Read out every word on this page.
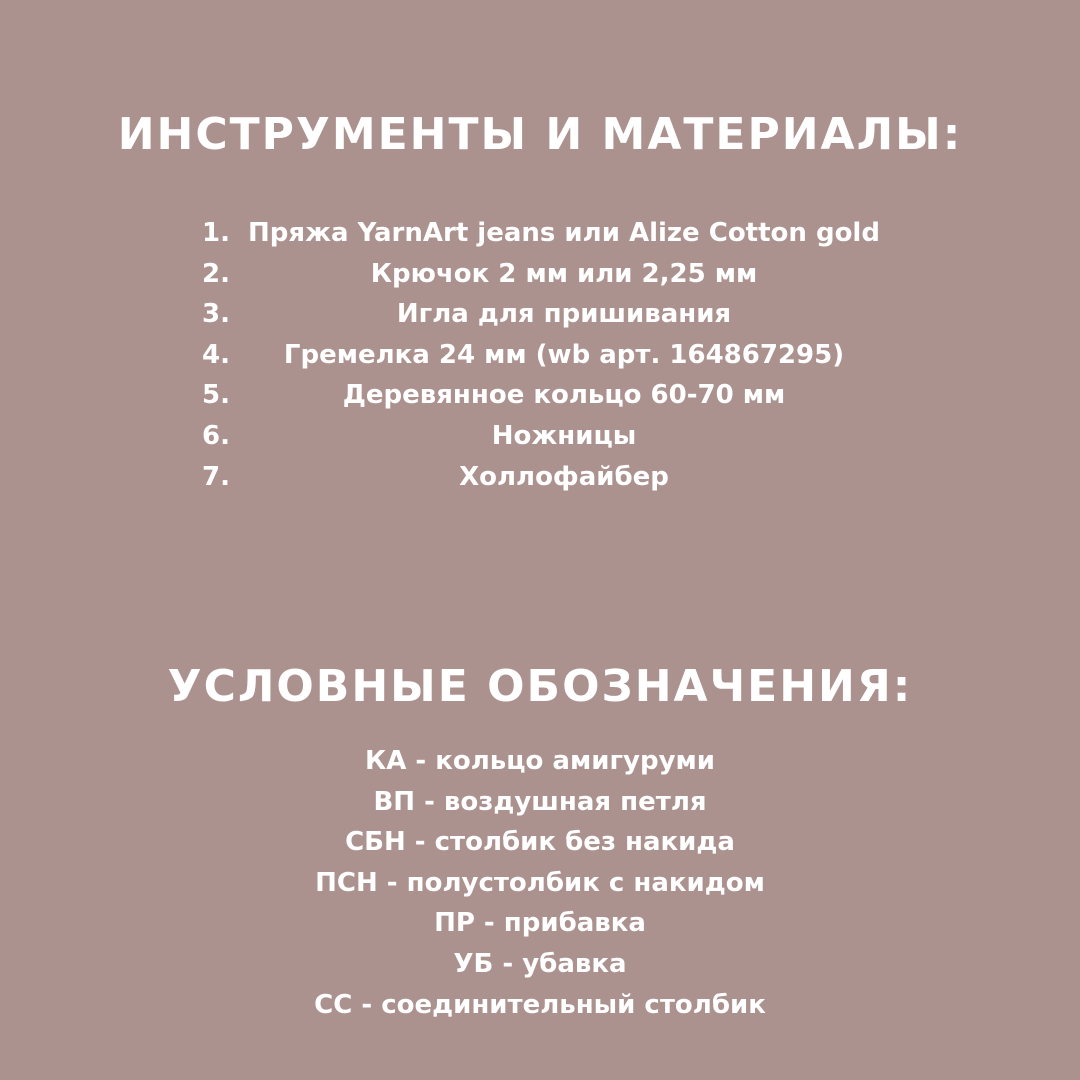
ИНСТРУМЕНТЫ И МАТЕРИАЛЫ:
1. Пряжа YarnArt jeans или Alize Cotton gold
2.	Крючок 2 мм или 2,25 мм
3.	Игла для пришивания
4.	Гремелка 24 мм (wb арт. 164867295)
5.	Деревянное кольцо 60-70 мм
6.	Ножницы
7.	Холлофайбер
УСЛОВНЫЕ ОБОЗНАЧЕНИЯ:
КА - кольцо амигуруми
ВП - воздушная петля
СБН - столбик без накида
ПСН - полустолбик с накидом
ПР - прибавка
УБ - убавка
СС - соединительный столбик
